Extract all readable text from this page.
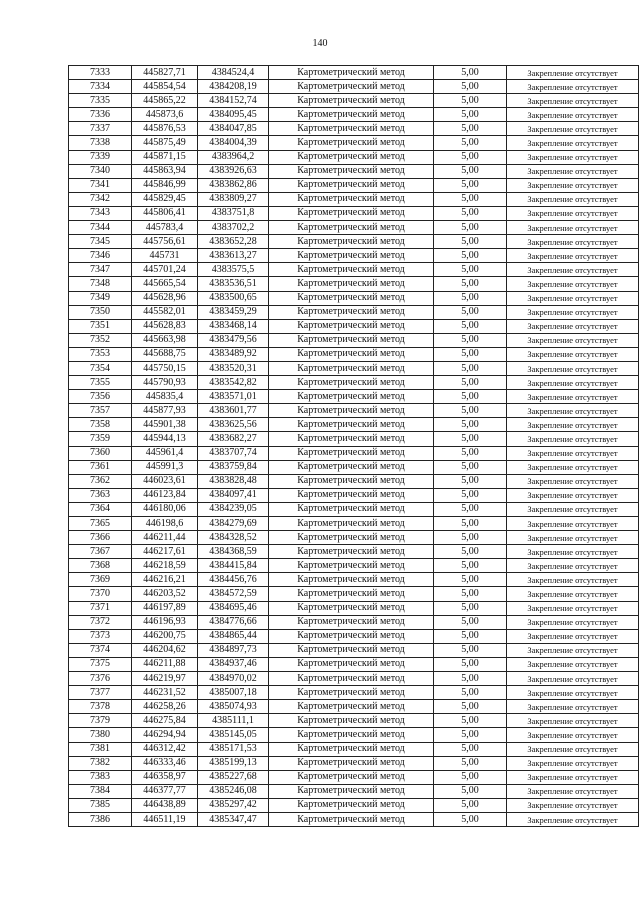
140
7333	445827,71	4384524,4	Картометрический метод	5,00	Закрепление отсутствует
7334	445854,54	4384208,19	Картометрический метод	5,00	Закрепление отсутствует
7335	445865,22	4384152,74	Картометрический метод	5,00	Закрепление отсутствует
7336	445873,6	4384095,45	Картометрический метод	5,00	Закрепление отсутствует
7337	445876,53	4384047,85	Картометрический метод	5,00	Закрепление отсутствует
7338	445875,49	4384004,39	Картометрический метод	5,00	Закрепление отсутствует
7339	445871,15	4383964,2	Картометрический метод	5,00	Закрепление отсутствует
7340	445863,94	4383926,63	Картометрический метод	5,00	Закрепление отсутствует
7341	445846,99	4383862,86	Картометрический метод	5,00	Закрепление отсутствует
7342	445829,45	4383809,27	Картометрический метод	5,00	Закрепление отсутствует
7343	445806,41	4383751,8	Картометрический метод	5,00	Закрепление отсутствует
7344	445783,4	4383702,2	Картометрический метод	5,00	Закрепление отсутствует
7345	445756,61	4383652,28	Картометрический метод	5,00	Закрепление отсутствует
7346	445731	4383613,27	Картометрический метод	5,00	Закрепление отсутствует
7347	445701,24	4383575,5	Картометрический метод	5,00	Закрепление отсутствует
7348	445665,54	4383536,51	Картометрический метод	5,00	Закрепление отсутствует
7349	445628,96	4383500,65	Картометрический метод	5,00	Закрепление отсутствует
7350	445582,01	4383459,29	Картометрический метод	5,00	Закрепление отсутствует
7351	445628,83	4383468,14	Картометрический метод	5,00	Закрепление отсутствует
7352	445663,98	4383479,56	Картометрический метод	5,00	Закрепление отсутствует
7353	445688,75	4383489,92	Картометрический метод	5,00	Закрепление отсутствует
7354	445750,15	4383520,31	Картометрический метод	5,00	Закрепление отсутствует
7355	445790,93	4383542,82	Картометрический метод	5,00	Закрепление отсутствует
7356	445835,4	4383571,01	Картометрический метод	5,00	Закрепление отсутствует
7357	445877,93	4383601,77	Картометрический метод	5,00	Закрепление отсутствует
7358	445901,38	4383625,56	Картометрический метод	5,00	Закрепление отсутствует
7359	445944,13	4383682,27	Картометрический метод	5,00	Закрепление отсутствует
7360	445961,4	4383707,74	Картометрический метод	5,00	Закрепление отсутствует
7361	445991,3	4383759,84	Картометрический метод	5,00	Закрепление отсутствует
7362	446023,61	4383828,48	Картометрический метод	5,00	Закрепление отсутствует
7363	446123,84	4384097,41	Картометрический метод	5,00	Закрепление отсутствует
7364	446180,06	4384239,05	Картометрический метод	5,00	Закрепление отсутствует
7365	446198,6	4384279,69	Картометрический метод	5,00	Закрепление отсутствует
7366	446211,44	4384328,52	Картометрический метод	5,00	Закрепление отсутствует
7367	446217,61	4384368,59	Картометрический метод	5,00	Закрепление отсутствует
7368	446218,59	4384415,84	Картометрический метод	5,00	Закрепление отсутствует
7369	446216,21	4384456,76	Картометрический метод	5,00	Закрепление отсутствует
7370	446203,52	4384572,59	Картометрический метод	5,00	Закрепление отсутствует
7371	446197,89	4384695,46	Картометрический метод	5,00	Закрепление отсутствует
7372	446196,93	4384776,66	Картометрический метод	5,00	Закрепление отсутствует
7373	446200,75	4384865,44	Картометрический метод	5,00	Закрепление отсутствует
7374	446204,62	4384897,73	Картометрический метод	5,00	Закрепление отсутствует
7375	446211,88	4384937,46	Картометрический метод	5,00	Закрепление отсутствует
7376	446219,97	4384970,02	Картометрический метод	5,00	Закрепление отсутствует
7377	446231,52	4385007,18	Картометрический метод	5,00	Закрепление отсутствует
7378	446258,26	4385074,93	Картометрический метод	5,00	Закрепление отсутствует
7379	446275,84	4385111,1	Картометрический метод	5,00	Закрепление отсутствует
7380	446294,94	4385145,05	Картометрический метод	5,00	Закрепление отсутствует
7381	446312,42	4385171,53	Картометрический метод	5,00	Закрепление отсутствует
7382	446333,46	4385199,13	Картометрический метод	5,00	Закрепление отсутствует
7383	446358,97	4385227,68	Картометрический метод	5,00	Закрепление отсутствует
7384	446377,77	4385246,08	Картометрический метод	5,00	Закрепление отсутствует
7385	446438,89	4385297,42	Картометрический метод	5,00	Закрепление отсутствует
7386	446511,19	4385347,47	Картометрический метод	5,00	Закрепление отсутствует
